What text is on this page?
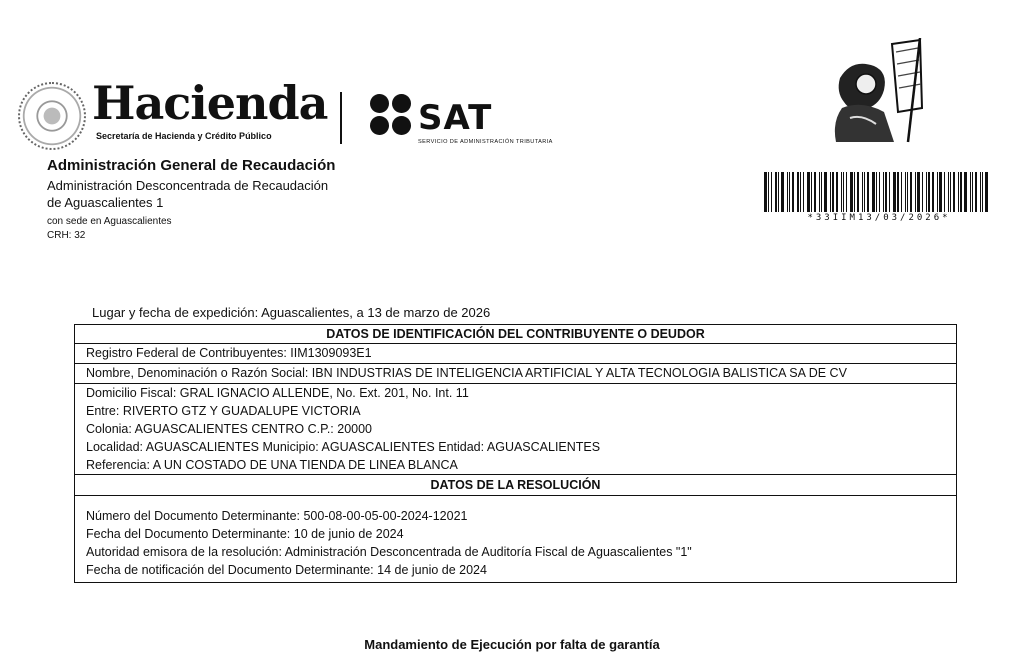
Hacienda
Secretaría de Hacienda y Crédito Público	SAT
SERVICIO DE ADMINISTRACIÓN TRIBUTARIA
*33IIM13/03/2026*
Administración General de Recaudación
Administración Desconcentrada de Recaudación
de Aguascalientes 1
con sede en Aguascalientes
CRH: 32
Lugar y fecha de expedición: Aguascalientes, a 13 de marzo de 2026
DATOS DE IDENTIFICACIÓN DEL CONTRIBUYENTE O DEUDOR
Registro Federal de Contribuyentes: IIM1309093E1
Nombre, Denominación o Razón Social: IBN INDUSTRIAS DE INTELIGENCIA ARTIFICIAL Y ALTA TECNOLOGIA BALISTICA SA DE CV
Domicilio Fiscal: GRAL IGNACIO ALLENDE, No. Ext. 201, No. Int. 11
Entre: RIVERTO GTZ Y GUADALUPE VICTORIA
Colonia: AGUASCALIENTES CENTRO C.P.: 20000
Localidad: AGUASCALIENTES Municipio: AGUASCALIENTES Entidad: AGUASCALIENTES
Referencia: A UN COSTADO DE UNA TIENDA DE LINEA BLANCA
DATOS DE LA RESOLUCIÓN
Número del Documento Determinante: 500-08-00-05-00-2024-12021
Fecha del Documento Determinante: 10 de junio de 2024
Autoridad emisora de la resolución: Administración Desconcentrada de Auditoría Fiscal de Aguascalientes "1"
Fecha de notificación del Documento Determinante: 14 de junio de 2024
Mandamiento de Ejecución por falta de garantía
